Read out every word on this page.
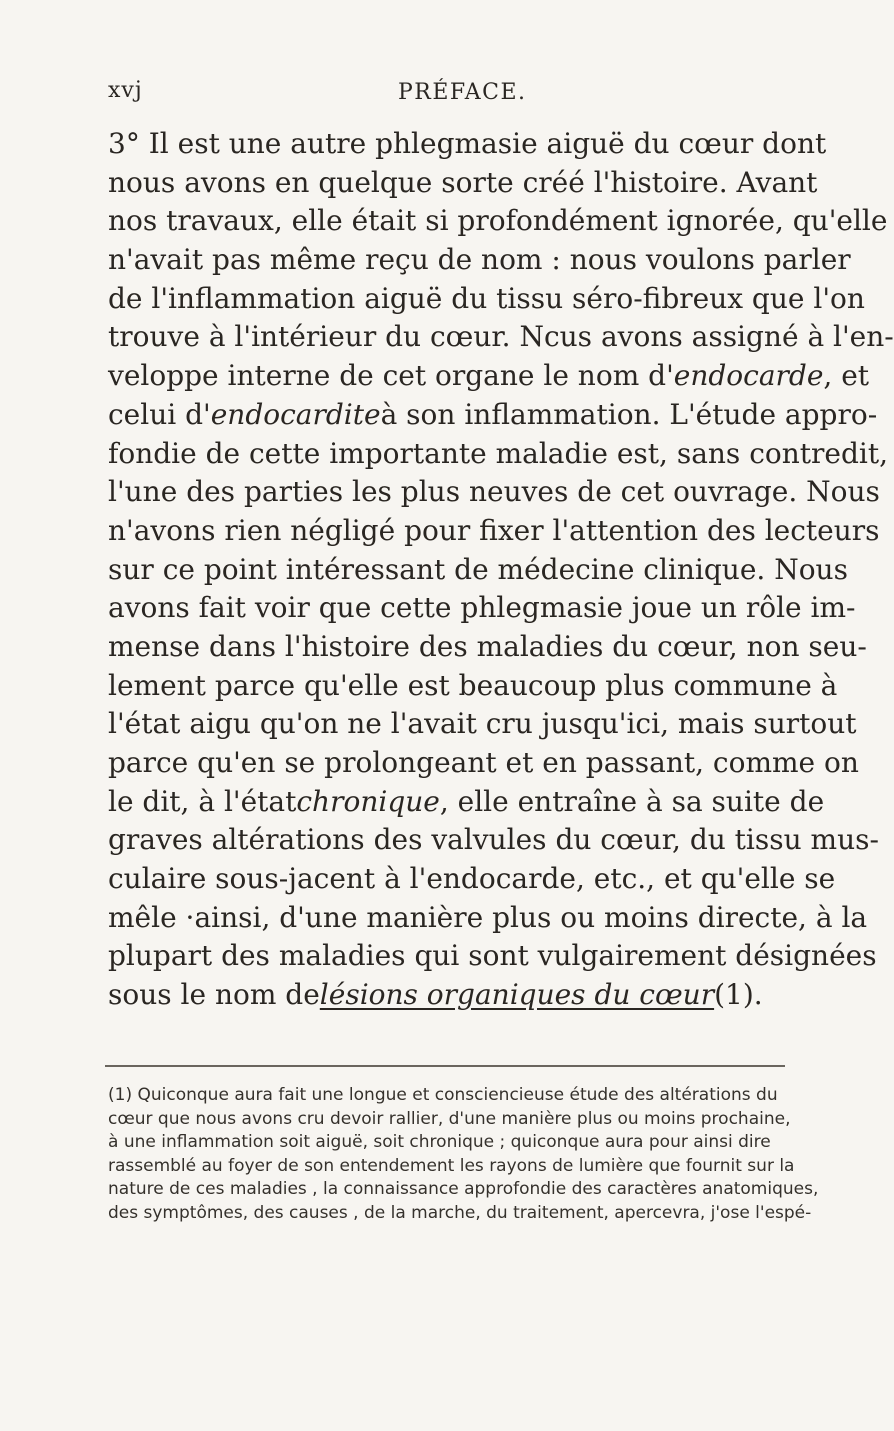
xvj	PRÉFACE.
3° Il est une autre phlegmasie aiguë du cœur dont
nous avons en quelque sorte créé l'histoire. Avant
nos travaux, elle était si profondément ignorée, qu'elle
n'avait pas même reçu de nom : nous voulons parler
de l'inflammation aiguë du tissu séro-fibreux que l'on
trouve à l'intérieur du cœur. Ncus avons assigné à l'en-
veloppe interne de cet organe le nom d'endocarde, et
celui d'endocarditeà son inflammation. L'étude appro-
fondie de cette importante maladie est, sans contredit,
l'une des parties les plus neuves de cet ouvrage. Nous
n'avons rien négligé pour fixer l'attention des lecteurs
sur ce point intéressant de médecine clinique. Nous
avons fait voir que cette phlegmasie joue un rôle im-
mense dans l'histoire des maladies du cœur, non seu-
lement parce qu'elle est beaucoup plus commune à
l'état aigu qu'on ne l'avait cru jusqu'ici, mais surtout
parce qu'en se prolongeant et en passant, comme on
le dit, à l'étatchronique, elle entraîne à sa suite de
graves altérations des valvules du cœur, du tissu mus-
culaire sous-jacent à l'endocarde, etc., et qu'elle se
mêle ·ainsi, d'une manière plus ou moins directe, à la
plupart des maladies qui sont vulgairement désignées
sous le nom delésions organiques du cœur(1).
(1) Quiconque aura fait une longue et consciencieuse étude des altérations du
cœur que nous avons cru devoir rallier, d'une manière plus ou moins prochaine,
à une inflammation soit aiguë, soit chronique ; quiconque aura pour ainsi dire
rassemblé au foyer de son entendement les rayons de lumière que fournit sur la
nature de ces maladies , la connaissance approfondie des caractères anatomiques,
des symptômes, des causes , de la marche, du traitement, apercevra, j'ose l'espé-
